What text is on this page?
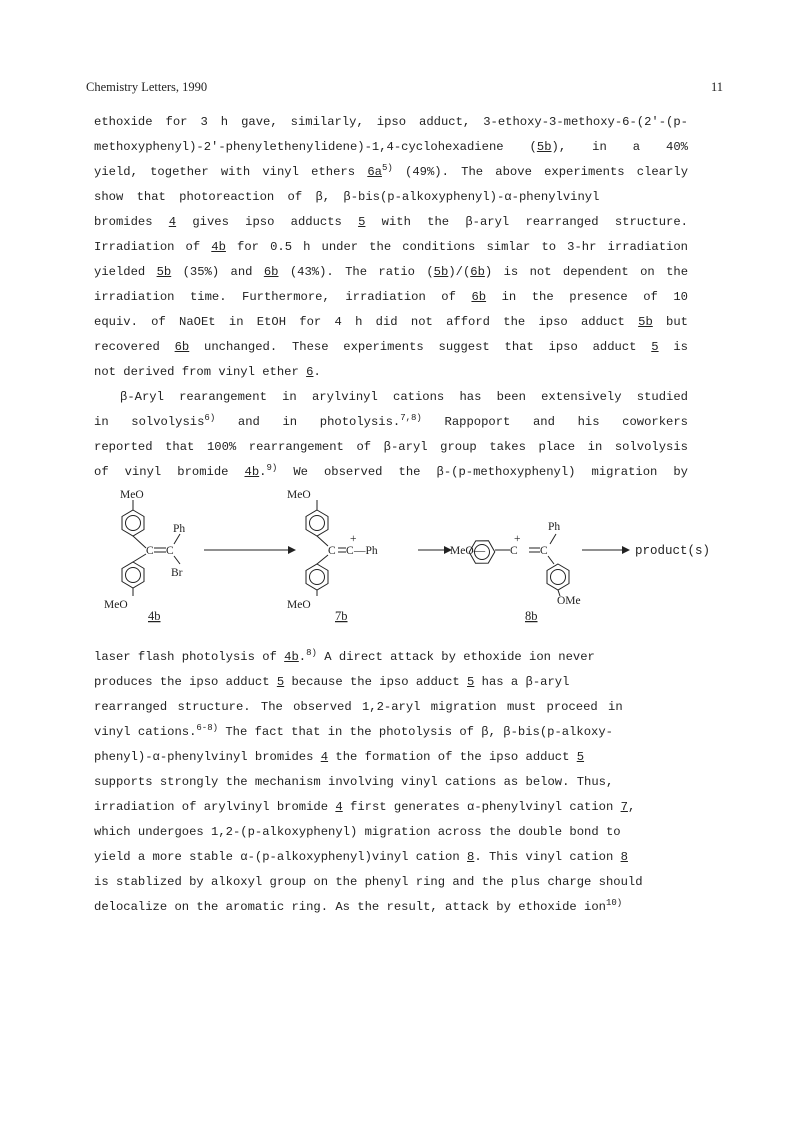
Chemistry Letters, 1990	11
ethoxide for 3 h gave, similarly, ipso adduct, 3-ethoxy-3-methoxy-6-(2'-(p-
methoxyphenyl)-2'-phenylethenylidene)-1,4-cyclohexadiene (5b), in a 40%
yield, together with vinyl ethers $6a^{5)}$ (49%). The above experiments clearly
show that photoreaction of β, β-bis(p-alkoxyphenyl)-α-phenylvinyl
bromides 4 gives ipso adducts 5 with the β-aryl rearranged structure.
Irradiation of 4b for 0.5 h under the conditions simlar to 3-hr irradiation
yielded 5b (35%) and 6b (43%). The ratio (5b)/(6b) is not dependent on the
irradiation time. Furthermore, irradiation of 6b in the presence of 10
equiv. of NaOEt in EtOH for 4 h did not afford the ipso adduct 5b but
recovered 6b unchanged. These experiments suggest that ipso adduct 5 is
not derived from vinyl ether 6.
β-Aryl rearangement in arylvinyl cations has been extensively studied
in solvolysis$^{6)}$ and in photolysis.$^{7,8)}$ Rappoport and his coworkers
reported that 100% rearrangement of β-aryl group takes place in solvolysis
of vinyl bromide 4b.$^{9)}$ We observed the β-(p-methoxyphenyl) migration by
MeO
Ph
C C
Br
MeO
4b
MeO
+
C C —Ph
MeO
7b
MeO—
+
C C
Ph
OMe
8b
product(s)
laser flash photolysis of 4b.$^{8)}$ A direct attack by ethoxide ion never
produces the ipso adduct 5 because the ipso adduct 5 has a β-aryl
rearranged structure. The observed 1,2-aryl migration must proceed in
vinyl cations.$^{6-8)}$ The fact that in the photolysis of β, β-bis(p-alkoxy-
phenyl)-α-phenylvinyl bromides 4 the formation of the ipso adduct 5
supports strongly the mechanism involving vinyl cations as below. Thus,
irradiation of arylvinyl bromide 4 first generates α-phenylvinyl cation 7,
which undergoes 1,2-(p-alkoxyphenyl) migration across the double bond to
yield a more stable α-(p-alkoxyphenyl)vinyl cation 8. This vinyl cation 8
is stablized by alkoxyl group on the phenyl ring and the plus charge should
delocalize on the aromatic ring. As the result, attack by ethoxide ion$^{10)}$
